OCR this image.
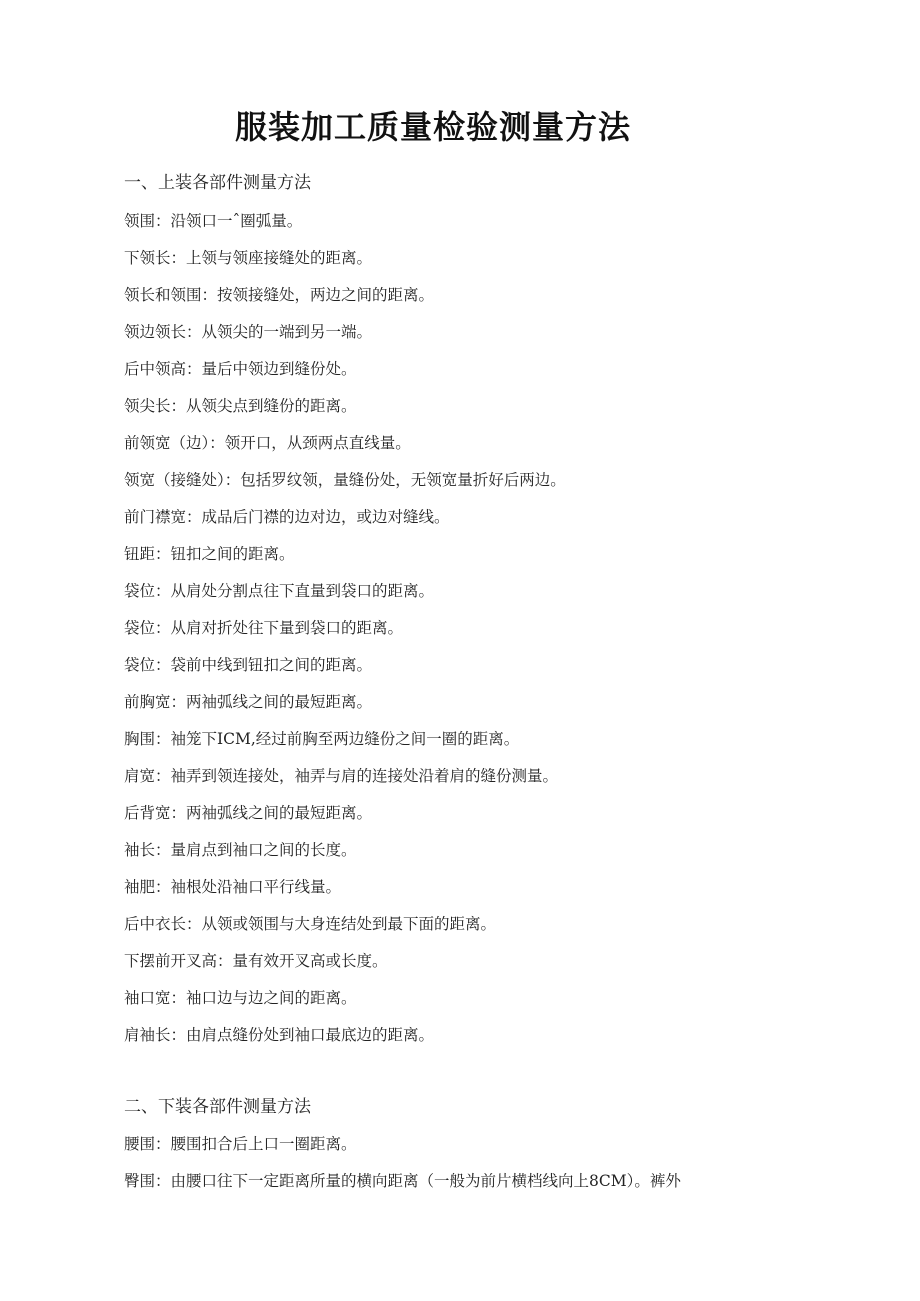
服装加工质量检验测量方法
一、上装各部件测量方法
领围：沿领口一ˆ圈弧量。
下领长：上领与领座接缝处的距离。
领长和领围：按领接缝处，两边之间的距离。
领边领长：从领尖的一端到另一端。
后中领高：量后中领边到缝份处。
领尖长：从领尖点到缝份的距离。
前领宽（边）：领开口，从颈两点直线量。
领宽（接缝处）：包括罗纹领，量缝份处，无领宽量折好后两边。
前门襟宽：成品后门襟的边对边，或边对缝线。
钮距：钮扣之间的距离。
袋位：从肩处分割点往下直量到袋口的距离。
袋位：从肩对折处往下量到袋口的距离。
袋位：袋前中线到钮扣之间的距离。
前胸宽：两袖弧线之间的最短距离。
胸围：袖笼下ICM,经过前胸至两边缝份之间一圈的距离。
肩宽：袖弄到领连接处，袖弄与肩的连接处沿着肩的缝份测量。
后背宽：两袖弧线之间的最短距离。
袖长：量肩点到袖口之间的长度。
袖肥：袖根处沿袖口平行线量。
后中衣长：从领或领围与大身连结处到最下面的距离。
下摆前开叉高：量有效开叉高或长度。
袖口宽：袖口边与边之间的距离。
肩袖长：由肩点缝份处到袖口最底边的距离。
二、下装各部件测量方法
腰围：腰围扣合后上口一圈距离。
臀围：由腰口往下一定距离所量的横向距离（一般为前片横档线向上8CM）。裤外
